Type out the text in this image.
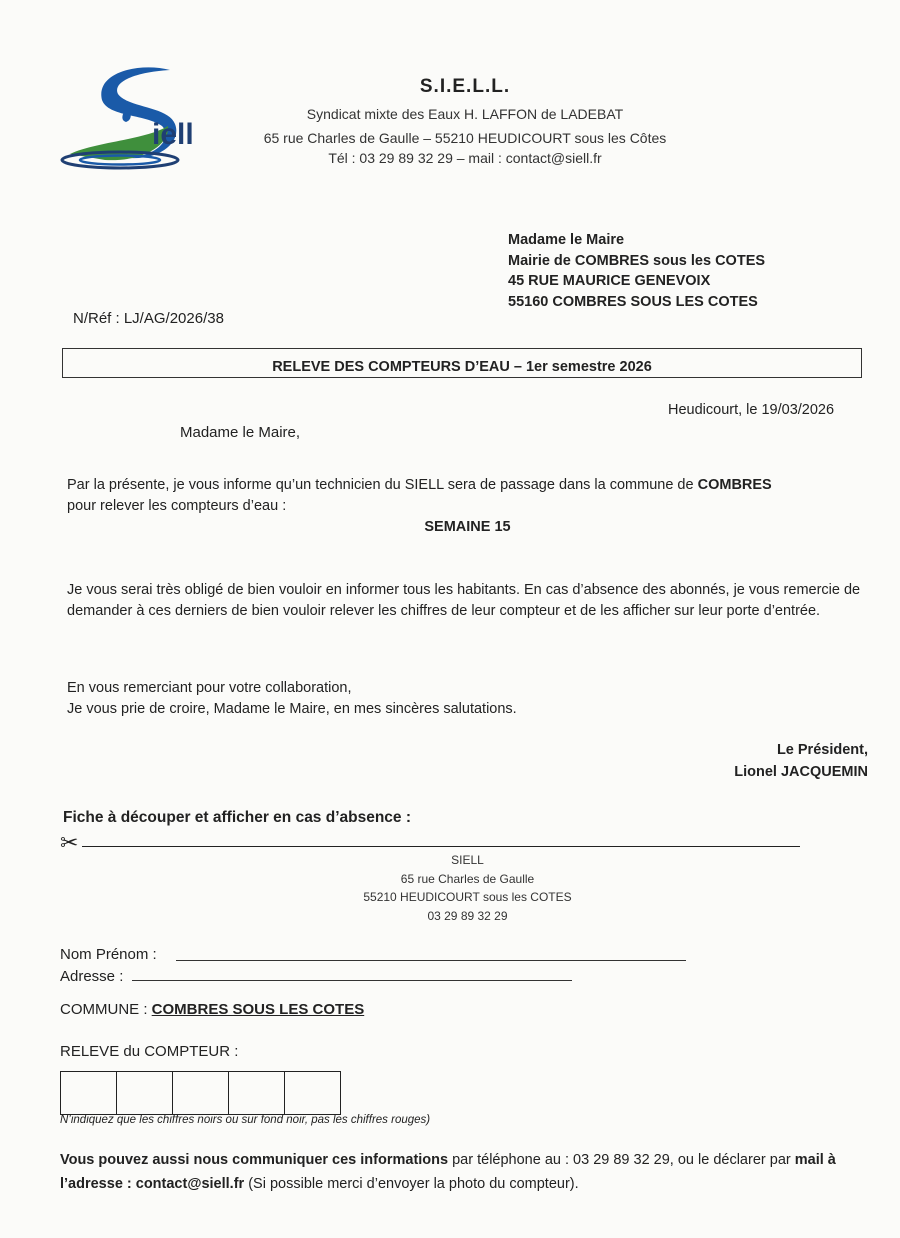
iell
S.I.E.L.L.
Syndicat mixte des Eaux H. LAFFON de LADEBAT
65 rue Charles de Gaulle – 55210 HEUDICOURT sous les Côtes
Tél : 03 29 89 32 29 – mail : contact@siell.fr
Madame le Maire
Mairie de COMBRES sous les COTES
45 RUE MAURICE GENEVOIX
55160 COMBRES SOUS LES COTES
N/Réf : LJ/AG/2026/38
RELEVE DES COMPTEURS D’EAU – 1er semestre 2026
Heudicourt, le 19/03/2026
Madame le Maire,
Par la présente, je vous informe qu’un technicien du SIELL sera de passage dans la commune de COMBRES
pour relever les compteurs d’eau :
SEMAINE 15
Je vous serai très obligé de bien vouloir en informer tous les habitants. En cas d’absence des abonnés, je vous remercie de demander à ces derniers de bien vouloir relever les chiffres de leur compteur et de les afficher sur leur porte d’entrée.
En vous remerciant pour votre collaboration,
Je vous prie de croire, Madame le Maire, en mes sincères salutations.
Le Président,
Lionel JACQUEMIN
Fiche à découper et afficher en cas d’absence :
✂
SIELL
65 rue Charles de Gaulle
55210 HEUDICOURT sous les COTES
03 29 89 32 29
Nom Prénom :
Adresse :
COMMUNE : COMBRES SOUS LES COTES
RELEVE du COMPTEUR :
N’indiquez que les chiffres noirs ou sur fond noir, pas les chiffres rouges)
Vous pouvez aussi nous communiquer ces informations par téléphone au : 03 29 89 32 29, ou le déclarer par mail à l’adresse : contact@siell.fr (Si possible merci d’envoyer la photo du compteur).
